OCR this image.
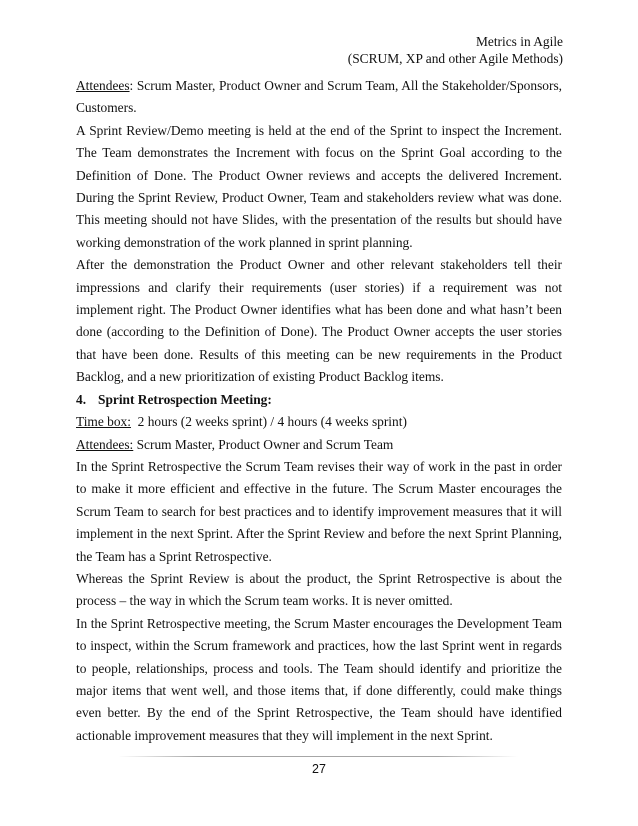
Metrics in Agile
(SCRUM, XP and other Agile Methods)

Attendees: Scrum Master, Product Owner and Scrum Team, All the Stakeholder/Sponsors, Customers.

A Sprint Review/Demo meeting is held at the end of the Sprint to inspect the Increment. The Team demonstrates the Increment with focus on the Sprint Goal according to the Definition of Done. The Product Owner reviews and accepts the delivered Increment. During the Sprint Review, Product Owner, Team and stakeholders review what was done. This meeting should not have Slides, with the presentation of the results but should have working demonstration of the work planned in sprint planning.

After the demonstration the Product Owner and other relevant stakeholders tell their impressions and clarify their requirements (user stories) if a requirement was not implement right. The Product Owner identifies what has been done and what hasn’t been done (according to the Definition of Done). The Product Owner accepts the user stories that have been done. Results of this meeting can be new requirements in the Product Backlog, and a new prioritization of existing Product Backlog items.

4. Sprint Retrospection Meeting:

Time box:  2 hours (2 weeks sprint) / 4 hours (4 weeks sprint)

Attendees: Scrum Master, Product Owner and Scrum Team

In the Sprint Retrospective the Scrum Team revises their way of work in the past in order to make it more efficient and effective in the future. The Scrum Master encourages the Scrum Team to search for best practices and to identify improvement measures that it will implement in the next Sprint. After the Sprint Review and before the next Sprint Planning, the Team has a Sprint Retrospective.

Whereas the Sprint Review is about the product, the Sprint Retrospective is about the process – the way in which the Scrum team works. It is never omitted.

In the Sprint Retrospective meeting, the Scrum Master encourages the Development Team to inspect, within the Scrum framework and practices, how the last Sprint went in regards to people, relationships, process and tools. The Team should identify and prioritize the major items that went well, and those items that, if done differently, could make things even better. By the end of the Sprint Retrospective, the Team should have identified actionable improvement measures that they will implement in the next Sprint.

27
